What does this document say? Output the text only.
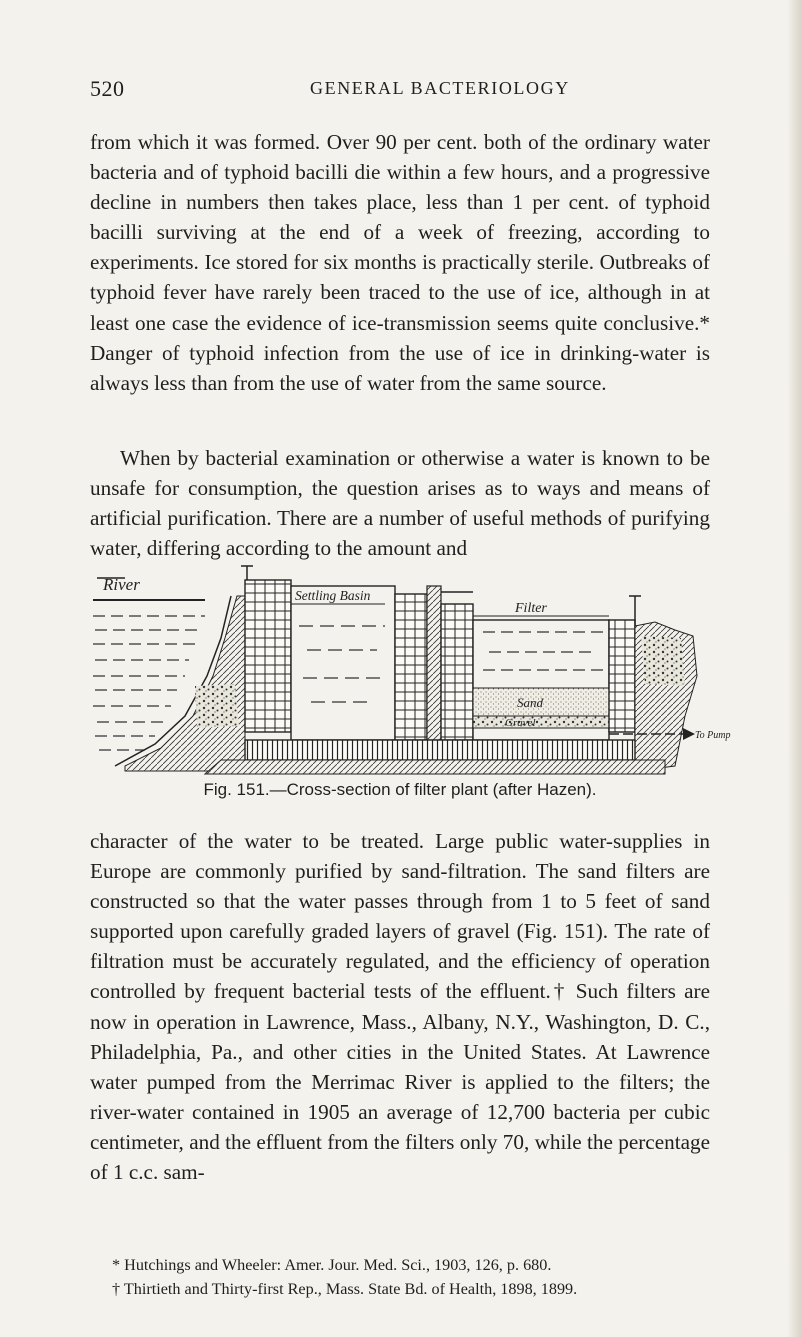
520	GENERAL BACTERIOLOGY

from which it was formed. Over 90 per cent. both of the ordinary water bacteria and of typhoid bacilli die within a few hours, and a progressive decline in numbers then takes place, less than 1 per cent. of typhoid bacilli surviving at the end of a week of freezing, according to experiments. Ice stored for six months is practically sterile. Outbreaks of typhoid fever have rarely been traced to the use of ice, although in at least one case the evidence of ice-transmission seems quite conclusive.* Danger of typhoid infection from the use of ice in drinking-water is always less than from the use of water from the same source.

When by bacterial examination or otherwise a water is known to be unsafe for consumption, the question arises as to ways and means of artificial purification. There are a number of useful methods of purifying water, differing according to the amount and

River
Settling Basin
Filter
Sand
Gravel
To Pump
Fig. 151.—Cross-section of filter plant (after Hazen).

character of the water to be treated. Large public water-supplies in Europe are commonly purified by sand-filtration. The sand filters are constructed so that the water passes through from 1 to 5 feet of sand supported upon carefully graded layers of gravel (Fig. 151). The rate of filtration must be accurately regulated, and the efficiency of operation controlled by frequent bacterial tests of the effluent.† Such filters are now in operation in Lawrence, Mass., Albany, N.Y., Washington, D. C., Philadelphia, Pa., and other cities in the United States. At Lawrence water pumped from the Merrimac River is applied to the filters; the river-water contained in 1905 an average of 12,700 bacteria per cubic centimeter, and the effluent from the filters only 70, while the percentage of 1 c.c. sam-

* Hutchings and Wheeler: Amer. Jour. Med. Sci., 1903, 126, p. 680.

† Thirtieth and Thirty-first Rep., Mass. State Bd. of Health, 1898, 1899.
